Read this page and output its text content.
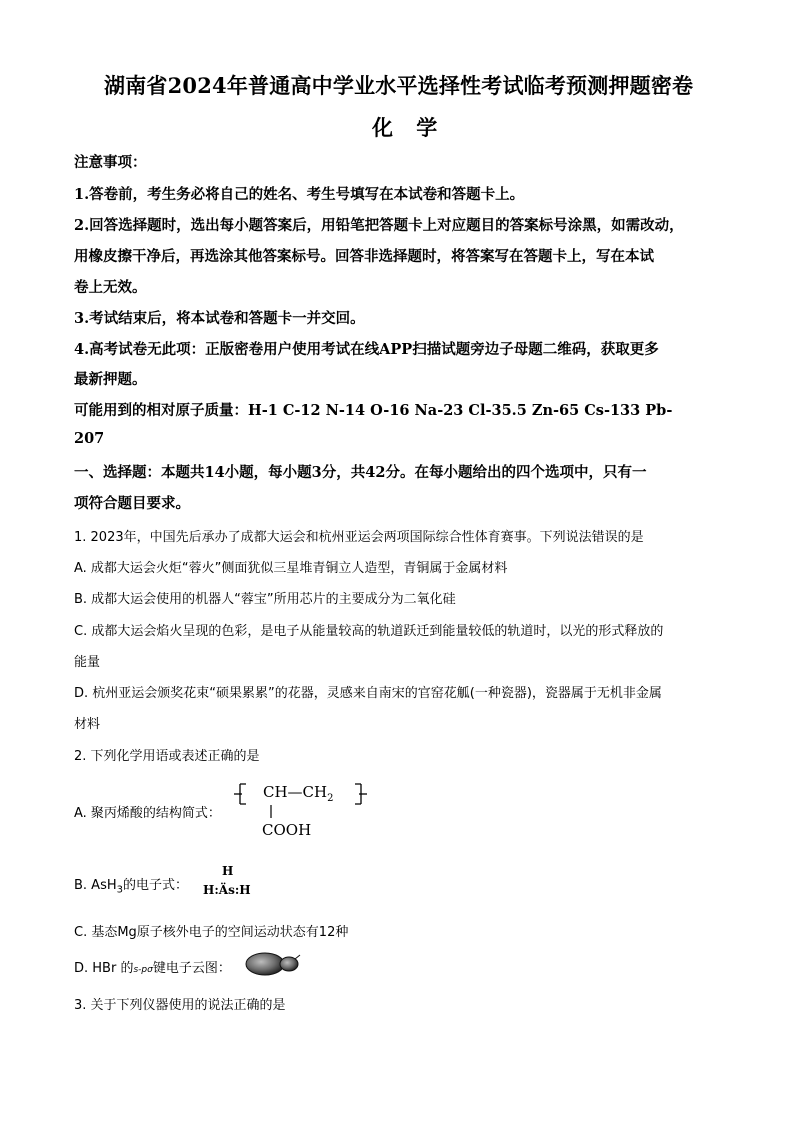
湖南省2024年普通高中学业水平选择性考试临考预测押题密卷
化 学
注意事项：
1.答卷前，考生务必将自己的姓名、考生号填写在本试卷和答题卡上。
2.回答选择题时，选出每小题答案后，用铅笔把答题卡上对应题目的答案标号涂黑，如需改动，
用橡皮擦干净后，再选涂其他答案标号。回答非选择题时，将答案写在答题卡上，写在本试
卷上无效。
3.考试结束后，将本试卷和答题卡一并交回。
4.高考试卷无此项：正版密卷用户使用考试在线APP扫描试题旁边子母题二维码，获取更多
最新押题。
可能用到的相对原子质量：H-1 C-12 N-14 O-16 Na-23 Cl-35.5 Zn-65 Cs-133 Pb-
207
一、选择题：本题共14小题，每小题3分，共42分。在每小题给出的四个选项中，只有一
项符合题目要求。
1. 2023年，中国先后承办了成都大运会和杭州亚运会两项国际综合性体育赛事。下列说法错误的是
A. 成都大运会火炬“蓉火”侧面犹似三星堆青铜立人造型，青铜属于金属材料
B. 成都大运会使用的机器人“蓉宝”所用芯片的主要成分为二氧化硅
C. 成都大运会焰火呈现的色彩，是电子从能量较高的轨道跃迁到能量较低的轨道时，以光的形式释放的
能量
D. 杭州亚运会颁奖花束“硕果累累”的花器，灵感来自南宋的官窑花觚(一种瓷器)，瓷器属于无机非金属
材料
2. 下列化学用语或表述正确的是
A. 聚丙烯酸的结构简式：
$CH—CH_2$
COOH
B. AsH$_3$的电子式：
H
H:Äs:H
C. 基态Mg原子核外电子的空间运动状态有12种
D. HBr 的s-pσ键电子云图：
3. 关于下列仪器使用的说法正确的是
